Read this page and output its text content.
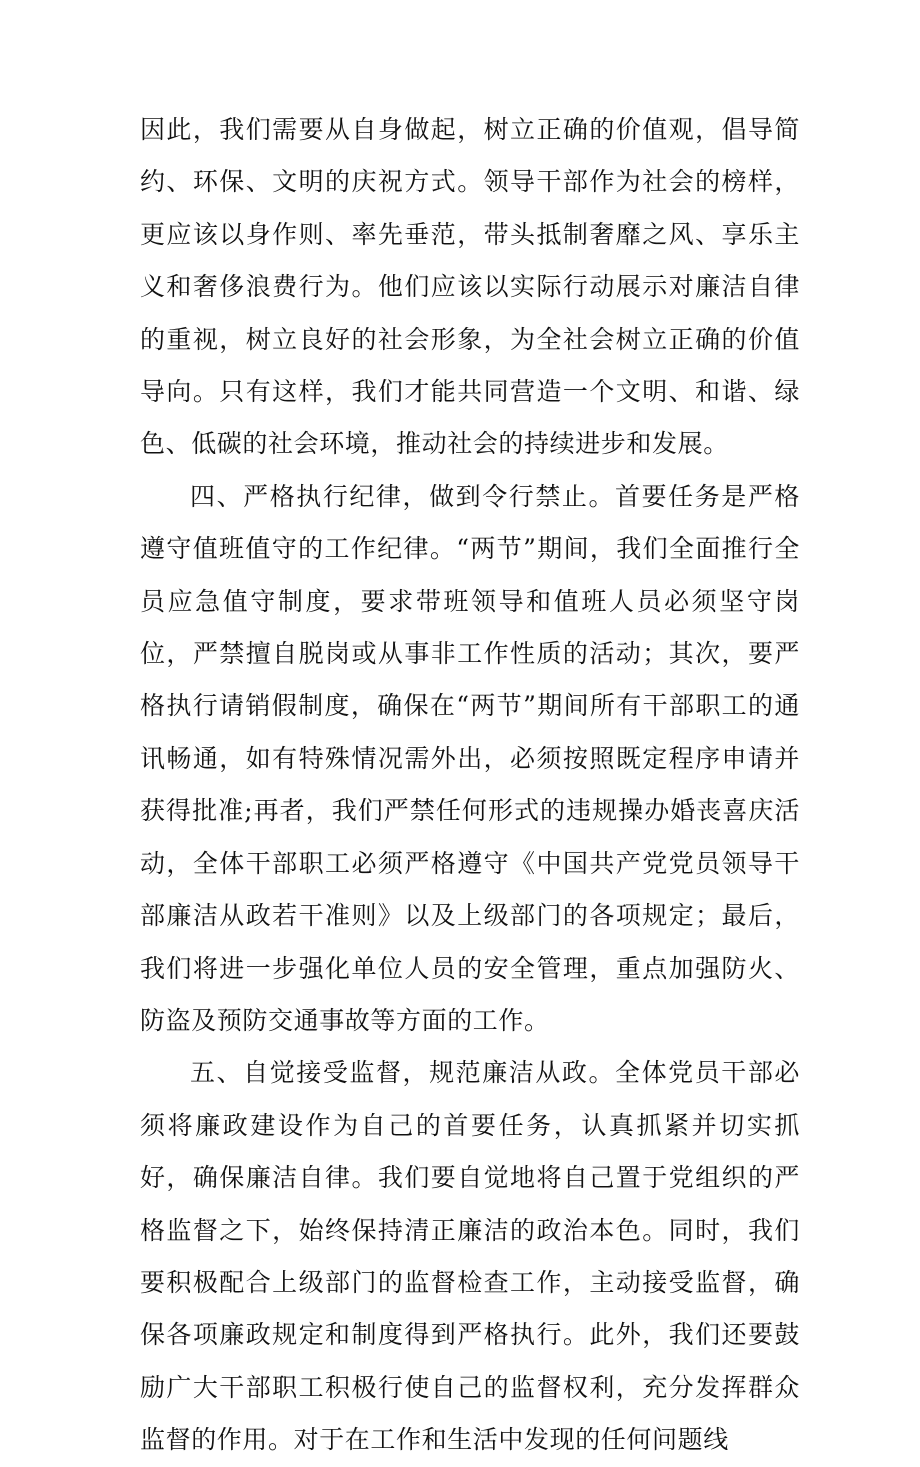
因此，我们需要从自身做起，树立正确的价值观，倡导简约、环保、文明的庆祝方式。领导干部作为社会的榜样，更应该以身作则、率先垂范，带头抵制奢靡之风、享乐主义和奢侈浪费行为。他们应该以实际行动展示对廉洁自律的重视，树立良好的社会形象，为全社会树立正确的价值导向。只有这样，我们才能共同营造一个文明、和谐、绿色、低碳的社会环境，推动社会的持续进步和发展。

四、严格执行纪律，做到令行禁止。首要任务是严格遵守值班值守的工作纪律。“两节”期间，我们全面推行全员应急值守制度，要求带班领导和值班人员必须坚守岗位，严禁擅自脱岗或从事非工作性质的活动；其次，要严格执行请销假制度，确保在“两节”期间所有干部职工的通讯畅通，如有特殊情况需外出，必须按照既定程序申请并获得批准;再者，我们严禁任何形式的违规操办婚丧喜庆活动，全体干部职工必须严格遵守《中国共产党党员领导干部廉洁从政若干准则》以及上级部门的各项规定；最后，我们将进一步强化单位人员的安全管理，重点加强防火、防盗及预防交通事故等方面的工作。

五、自觉接受监督，规范廉洁从政。全体党员干部必须将廉政建设作为自己的首要任务，认真抓紧并切实抓好，确保廉洁自律。我们要自觉地将自己置于党组织的严格监督之下，始终保持清正廉洁的政治本色。同时，我们要积极配合上级部门的监督检查工作，主动接受监督，确保各项廉政规定和制度得到严格执行。此外，我们还要鼓励广大干部职工积极行使自己的监督权利，充分发挥群众监督的作用。对于在工作和生活中发现的任何问题线
